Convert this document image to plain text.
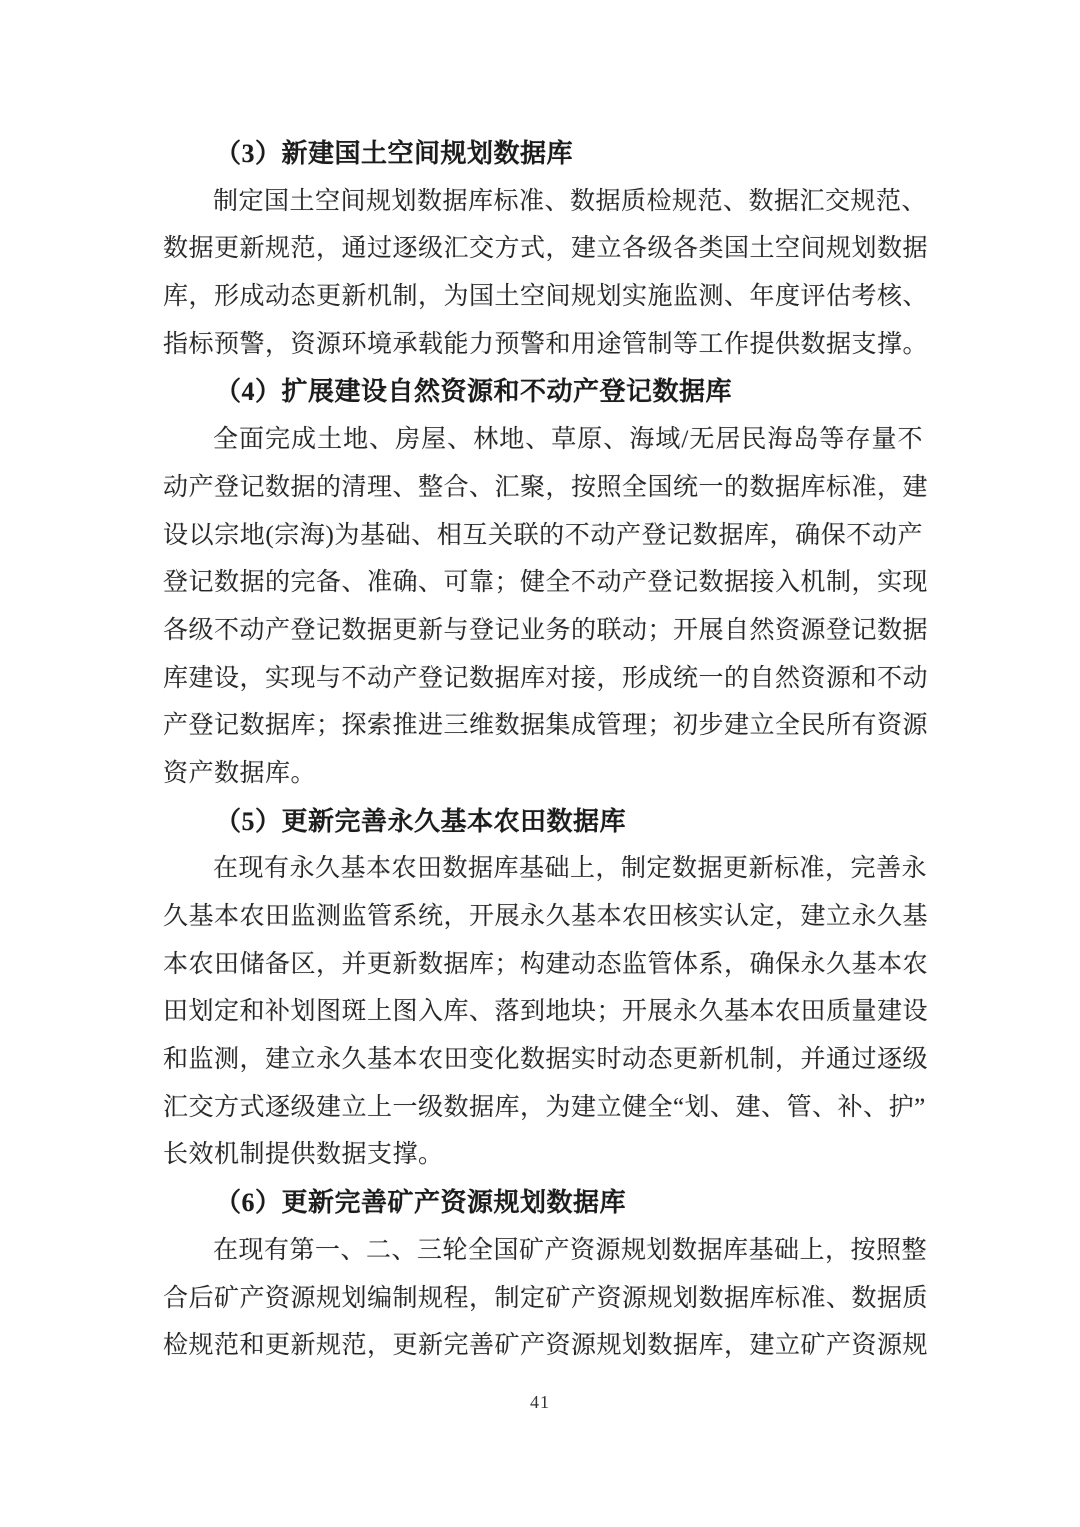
（3）新建国土空间规划数据库

制定国土空间规划数据库标准、数据质检规范、数据汇交规范、

数据更新规范，通过逐级汇交方式，建立各级各类国土空间规划数据

库，形成动态更新机制，为国土空间规划实施监测、年度评估考核、

指标预警，资源环境承载能力预警和用途管制等工作提供数据支撑。

（4）扩展建设自然资源和不动产登记数据库

全面完成土地、房屋、林地、草原、海域/无居民海岛等存量不

动产登记数据的清理、整合、汇聚，按照全国统一的数据库标准，建

设以宗地(宗海)为基础、相互关联的不动产登记数据库，确保不动产

登记数据的完备、准确、可靠；健全不动产登记数据接入机制，实现

各级不动产登记数据更新与登记业务的联动；开展自然资源登记数据

库建设，实现与不动产登记数据库对接，形成统一的自然资源和不动

产登记数据库；探索推进三维数据集成管理；初步建立全民所有资源

资产数据库。

（5）更新完善永久基本农田数据库

在现有永久基本农田数据库基础上，制定数据更新标准，完善永

久基本农田监测监管系统，开展永久基本农田核实认定，建立永久基

本农田储备区，并更新数据库；构建动态监管体系，确保永久基本农

田划定和补划图斑上图入库、落到地块；开展永久基本农田质量建设

和监测，建立永久基本农田变化数据实时动态更新机制，并通过逐级

汇交方式逐级建立上一级数据库，为建立健全“划、建、管、补、护”

长效机制提供数据支撑。

（6）更新完善矿产资源规划数据库

在现有第一、二、三轮全国矿产资源规划数据库基础上，按照整

合后矿产资源规划编制规程，制定矿产资源规划数据库标准、数据质

检规范和更新规范，更新完善矿产资源规划数据库，建立矿产资源规

41
